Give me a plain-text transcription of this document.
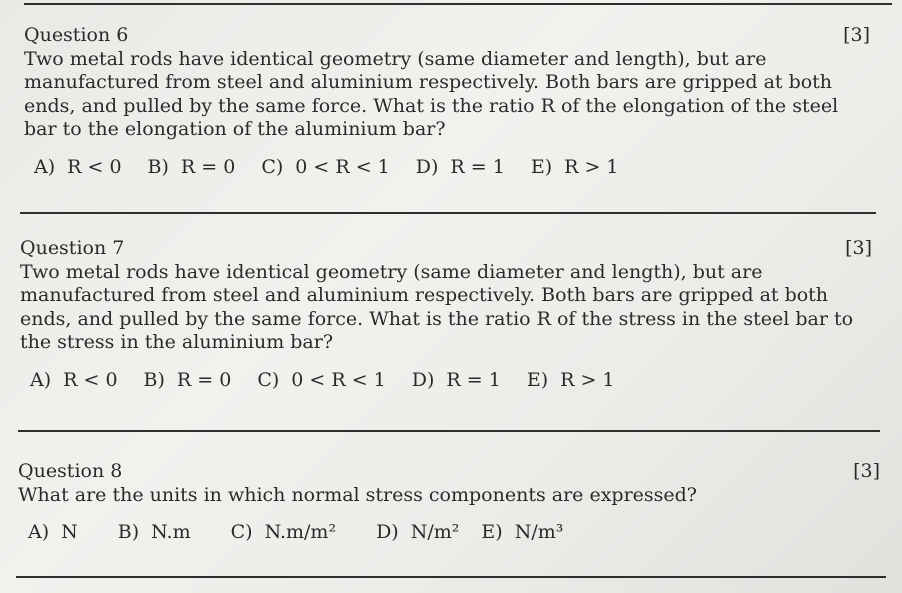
Question 6	[3]

Two metal rods have identical geometry (same diameter and length), but are manufactured from steel and aluminium respectively. Both bars are gripped at both ends, and pulled by the same force. What is the ratio R of the elongation of the steel bar to the elongation of the aluminium bar?

A) R < 0 B) R = 0 C) 0 < R < 1 D) R = 1 E) R > 1
Question 7	[3]

Two metal rods have identical geometry (same diameter and length), but are manufactured from steel and aluminium respectively. Both bars are gripped at both ends, and pulled by the same force. What is the ratio R of the stress in the steel bar to the stress in the aluminium bar?

A) R < 0 B) R = 0 C) 0 < R < 1 D) R = 1 E) R > 1
Question 8	[3]

What are the units in which normal stress components are expressed?

A) N B) N.m C) N.m/m² D) N/m² E) N/m³
